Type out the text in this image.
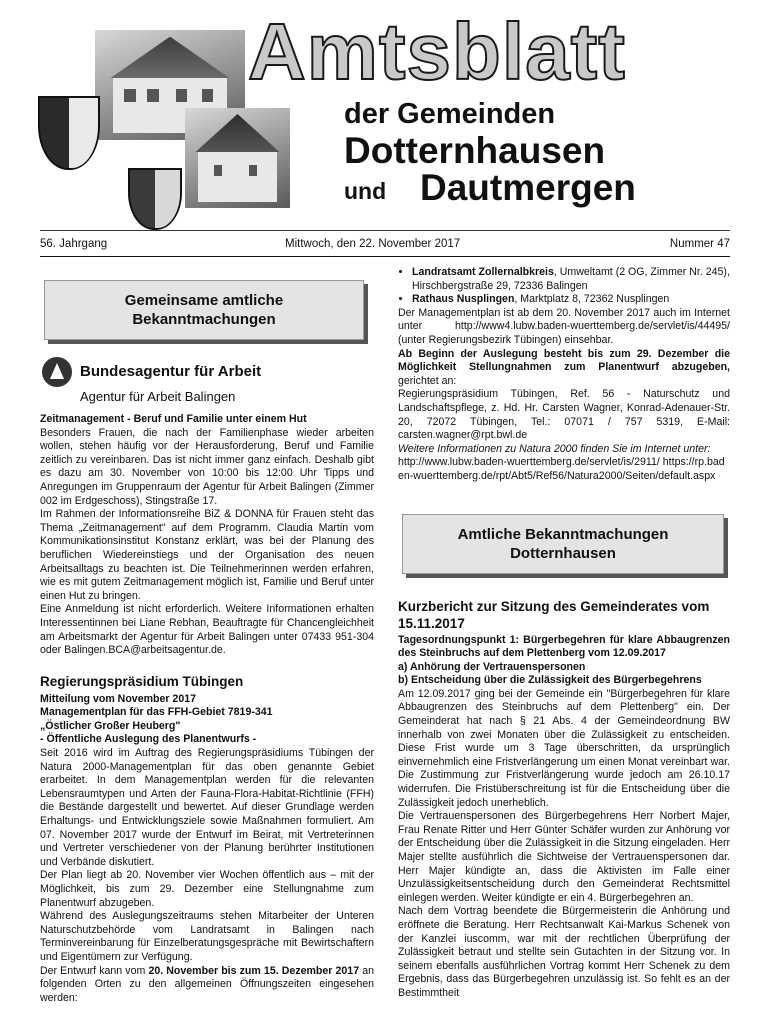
Amtsblatt
der Gemeinden
Dotternhausen
und Dautmergen
56. Jahrgang	Mittwoch, den 22. November 2017	Nummer 47
Gemeinsame amtliche Bekanntmachungen
Bundesagentur für Arbeit
Agentur für Arbeit Balingen

Zeitmanagement - Beruf und Familie unter einem Hut

Besonders Frauen, die nach der Familienphase wieder arbeiten wollen, stehen häufig vor der Herausforderung, Beruf und Familie zeitlich zu vereinbaren. Das ist nicht immer ganz einfach. Deshalb gibt es dazu am 30. November von 10:00 bis 12:00 Uhr Tipps und Anregungen im Gruppenraum der Agentur für Arbeit Balingen (Zimmer 002 im Erdgeschoss), Stingstraße 17.

Im Rahmen der Informationsreihe BiZ & DONNA für Frauen steht das Thema „Zeitmanagement" auf dem Programm. Claudia Martin vom Kommunikationsinstitut Konstanz erklärt, was bei der Planung des beruflichen Wiedereinstiegs und der Organisation des neuen Arbeitsalltags zu beachten ist. Die Teilnehmerinnen werden erfahren, wie es mit gutem Zeitmanagement möglich ist, Familie und Beruf unter einen Hut zu bringen.

Eine Anmeldung ist nicht erforderlich. Weitere Informationen erhalten Interessentinnen bei Liane Rebhan, Beauftragte für Chancengleichheit am Arbeitsmarkt der Agentur für Arbeit Balingen unter 07433 951-304 oder Balingen.BCA@arbeitsagentur.de.

Regierungspräsidium Tübingen

Mitteilung vom November 2017

Managementplan für das FFH-Gebiet 7819-341

„Östlicher Großer Heuberg"

- Öffentliche Auslegung des Planentwurfs -

Seit 2016 wird im Auftrag des Regierungspräsidiums Tübingen der Natura 2000-Managementplan für das oben genannte Gebiet erarbeitet. In dem Managementplan werden für die relevanten Lebensraumtypen und Arten der Fauna-Flora-Habitat-Richtlinie (FFH) die Bestände dargestellt und bewertet. Auf dieser Grundlage werden Erhaltungs- und Entwicklungsziele sowie Maßnahmen formuliert. Am 07. November 2017 wurde der Entwurf im Beirat, mit Vertreterinnen und Vertreter verschiedener von der Planung berührter Institutionen und Verbände diskutiert.

Der Plan liegt ab 20. November vier Wochen öffentlich aus – mit der Möglichkeit, bis zum 29. Dezember eine Stellungnahme zum Planentwurf abzugeben.

Während des Auslegungszeitraums stehen Mitarbeiter der Unteren Naturschutzbehörde vom Landratsamt in Balingen nach Terminvereinbarung für Einzelberatungsgespräche mit Bewirtschaftern und Eigentümern zur Verfügung.

Der Entwurf kann vom 20. November bis zum 15. Dezember 2017 an folgenden Orten zu den allgemeinen Öffnungszeiten eingesehen werden:

• Landratsamt Zollernalbkreis, Umweltamt (2 OG, Zimmer Nr. 245), Hirschbergstraße 29, 72336 Balingen
• Rathaus Nusplingen, Marktplatz 8, 72362 Nusplingen

Der Managementplan ist ab dem 20. November 2017 auch im Internet unter http://www4.lubw.baden-wuerttemberg.de/servlet/is/44495/ (unter Regierungsbezirk Tübingen) einsehbar.

Ab Beginn der Auslegung besteht bis zum 29. Dezember die Möglichkeit Stellungnahmen zum Planentwurf abzugeben, gerichtet an:

Regierungspräsidium Tübingen, Ref. 56 - Naturschutz und Landschaftspflege, z. Hd. Hr. Carsten Wagner, Konrad-Adenauer-Str. 20, 72072 Tübingen, Tel.: 07071 / 757 5319, E-Mail: carsten.wagner@rpt.bwl.de

Weitere Informationen zu Natura 2000 finden Sie im Internet unter:

http://www.lubw.baden-wuerttemberg.de/servlet/is/2911/ https://rp.baden-wuerttemberg.de/rpt/Abt5/Ref56/Natura2000/Seiten/default.aspx

Amtliche Bekanntmachungen Dotternhausen
Kurzbericht zur Sitzung des Gemeinderates vom 15.11.2017

Tagesordnungspunkt 1: Bürgerbegehren für klare Abbaugrenzen des Steinbruchs auf dem Plettenberg vom 12.09.2017

a) Anhörung der Vertrauenspersonen

b) Entscheidung über die Zulässigkeit des Bürgerbegehrens

Am 12.09.2017 ging bei der Gemeinde ein "Bürgerbegehren für klare Abbaugrenzen des Steinbruchs auf dem Plettenberg" ein. Der Gemeinderat hat nach § 21 Abs. 4 der Gemeindeordnung BW innerhalb von zwei Monaten über die Zulässigkeit zu entscheiden. Diese Frist wurde um 3 Tage überschritten, da ursprünglich einvernehmlich eine Fristverlängerung um einen Monat vereinbart war. Die Zustimmung zur Fristverlängerung wurde jedoch am 26.10.17 widerrufen. Die Fristüberschreitung ist für die Entscheidung über die Zulässigkeit jedoch unerheblich.

Die Vertrauenspersonen des Bürgerbegehrens Herr Norbert Majer, Frau Renate Ritter und Herr Günter Schäfer wurden zur Anhörung vor der Entscheidung über die Zulässigkeit in die Sitzung eingeladen. Herr Majer stellte ausführlich die Sichtweise der Vertrauenspersonen dar. Herr Majer kündigte an, dass die Aktivisten im Falle einer Unzulässigkeitsentscheidung durch den Gemeinderat Rechtsmittel einlegen werden. Weiter kündigte er ein 4. Bürgerbegehren an.

Nach dem Vortrag beendete die Bürgermeisterin die Anhörung und eröffnete die Beratung. Herr Rechtsanwalt Kai-Markus Schenek von der Kanzlei iuscomm, war mit der rechtlichen Überprüfung der Zulässigkeit betraut und stellte sein Gutachten in der Sitzung vor. In seinem ebenfalls ausführlichen Vortrag kommt Herr Schenek zu dem Ergebnis, dass das Bürgerbegehren unzulässig ist. So fehlt es an der Bestimmtheit
